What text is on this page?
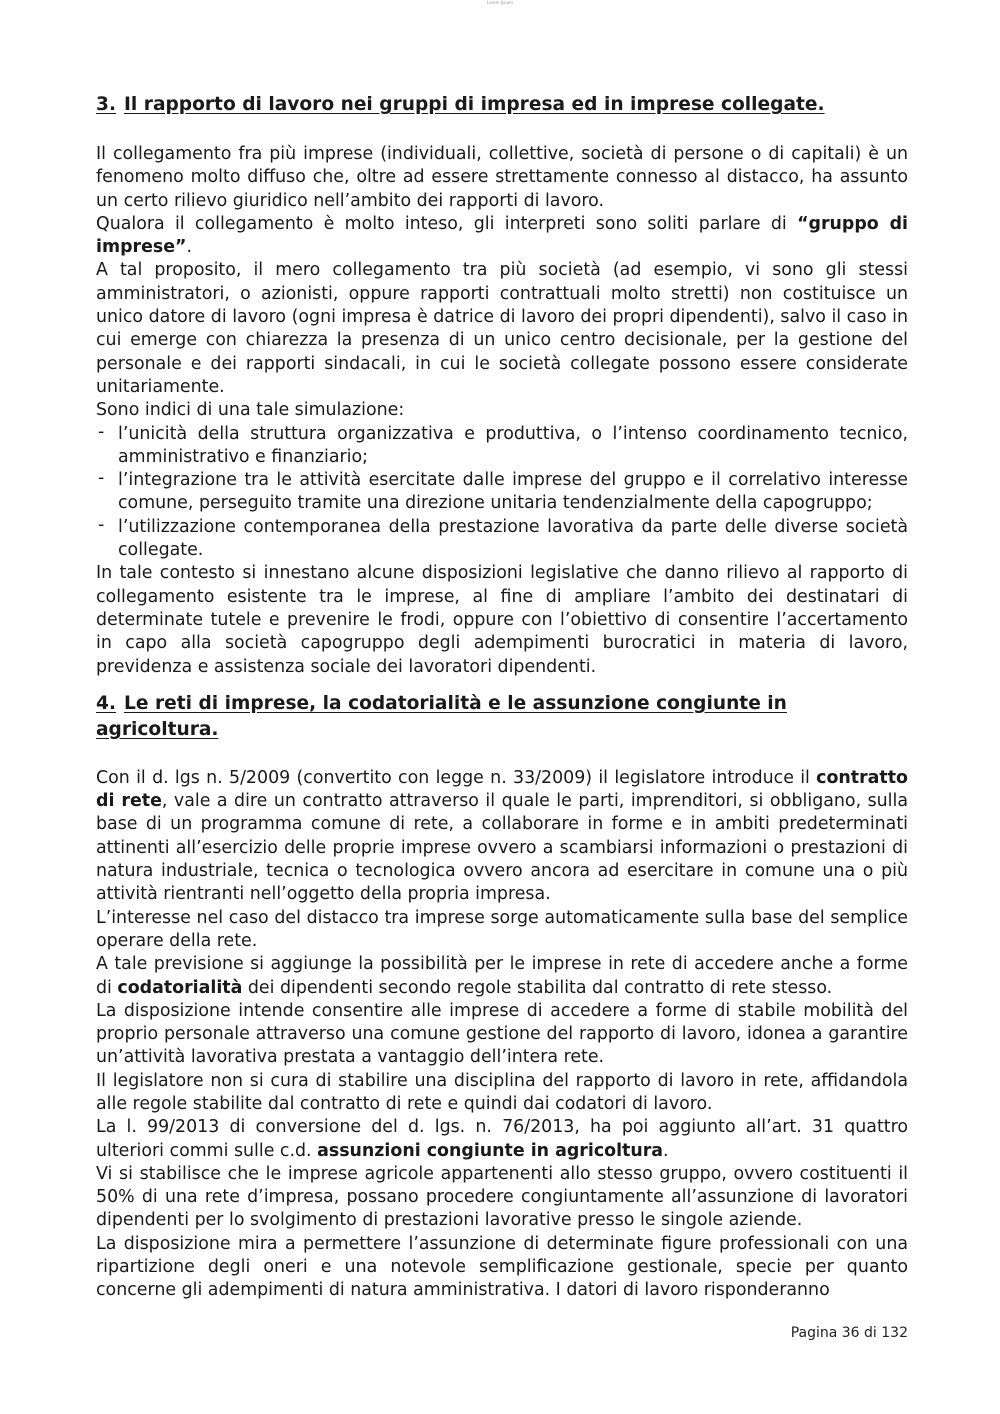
Lorem Ipsum
3. Il rapporto di lavoro nei gruppi di impresa ed in imprese collegate.

Il collegamento fra più imprese (individuali, collettive, società di persone o di capitali) è un fenomeno molto diffuso che, oltre ad essere strettamente connesso al distacco, ha assunto un certo rilievo giuridico nell’ambito dei rapporti di lavoro.

Qualora il collegamento è molto inteso, gli interpreti sono soliti parlare di “gruppo di imprese”.

A tal proposito, il mero collegamento tra più società (ad esempio, vi sono gli stessi amministratori, o azionisti, oppure rapporti contrattuali molto stretti) non costituisce un unico datore di lavoro (ogni impresa è datrice di lavoro dei propri dipendenti), salvo il caso in cui emerge con chiarezza la presenza di un unico centro decisionale, per la gestione del personale e dei rapporti sindacali, in cui le società collegate possono essere considerate unitariamente.

Sono indici di una tale simulazione:

- l’unicità della struttura organizzativa e produttiva, o l’intenso coordinamento tecnico, amministrativo e finanziario;
- l’integrazione tra le attività esercitate dalle imprese del gruppo e il correlativo interesse comune, perseguito tramite una direzione unitaria tendenzialmente della capogruppo;
- l’utilizzazione contemporanea della prestazione lavorativa da parte delle diverse società collegate.

In tale contesto si innestano alcune disposizioni legislative che danno rilievo al rapporto di collegamento esistente tra le imprese, al fine di ampliare l’ambito dei destinatari di determinate tutele e prevenire le frodi, oppure con l’obiettivo di consentire l’accertamento in capo alla società capogruppo degli adempimenti burocratici in materia di lavoro, previdenza e assistenza sociale dei lavoratori dipendenti.

4. Le reti di imprese, la codatorialità e le assunzione congiunte in agricoltura.

Con il d. lgs n. 5/2009 (convertito con legge n. 33/2009) il legislatore introduce il contratto di rete, vale a dire un contratto attraverso il quale le parti, imprenditori, si obbligano, sulla base di un programma comune di rete, a collaborare in forme e in ambiti predeterminati attinenti all’esercizio delle proprie imprese ovvero a scambiarsi informazioni o prestazioni di natura industriale, tecnica o tecnologica ovvero ancora ad esercitare in comune una o più attività rientranti nell’oggetto della propria impresa.

L’interesse nel caso del distacco tra imprese sorge automaticamente sulla base del semplice operare della rete.

A tale previsione si aggiunge la possibilità per le imprese in rete di accedere anche a forme di codatorialità dei dipendenti secondo regole stabilita dal contratto di rete stesso.

La disposizione intende consentire alle imprese di accedere a forme di stabile mobilità del proprio personale attraverso una comune gestione del rapporto di lavoro, idonea a garantire un’attività lavorativa prestata a vantaggio dell’intera rete.

Il legislatore non si cura di stabilire una disciplina del rapporto di lavoro in rete, affidandola alle regole stabilite dal contratto di rete e quindi dai codatori di lavoro.

La l. 99/2013 di conversione del d. lgs. n. 76/2013, ha poi aggiunto all’art. 31 quattro ulteriori commi sulle c.d. assunzioni congiunte in agricoltura.

Vi si stabilisce che le imprese agricole appartenenti allo stesso gruppo, ovvero costituenti il 50% di una rete d’impresa, possano procedere congiuntamente all’assunzione di lavoratori dipendenti per lo svolgimento di prestazioni lavorative presso le singole aziende.

La disposizione mira a permettere l’assunzione di determinate figure professionali con una ripartizione degli oneri e una notevole semplificazione gestionale, specie per quanto concerne gli adempimenti di natura amministrativa. I datori di lavoro risponderanno

Pagina 36 di 132
